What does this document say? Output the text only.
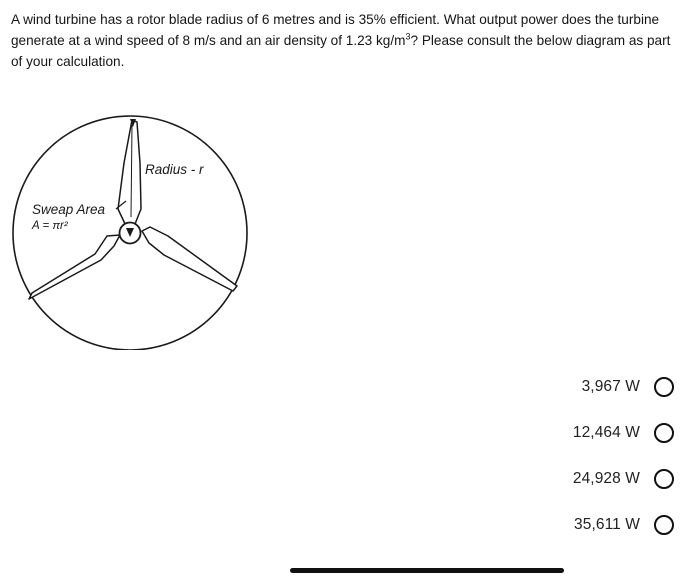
A wind turbine has a rotor blade radius of 6 metres and is 35% efficient. What output power does the turbine generate at a wind speed of 8 m/s and an air density of 1.23 $kg/m^3$? Please consult the below diagram as part of your calculation.
Radius - r
Sweap Area
A = πr²
3,967 W
12,464 W
24,928 W
35,611 W
